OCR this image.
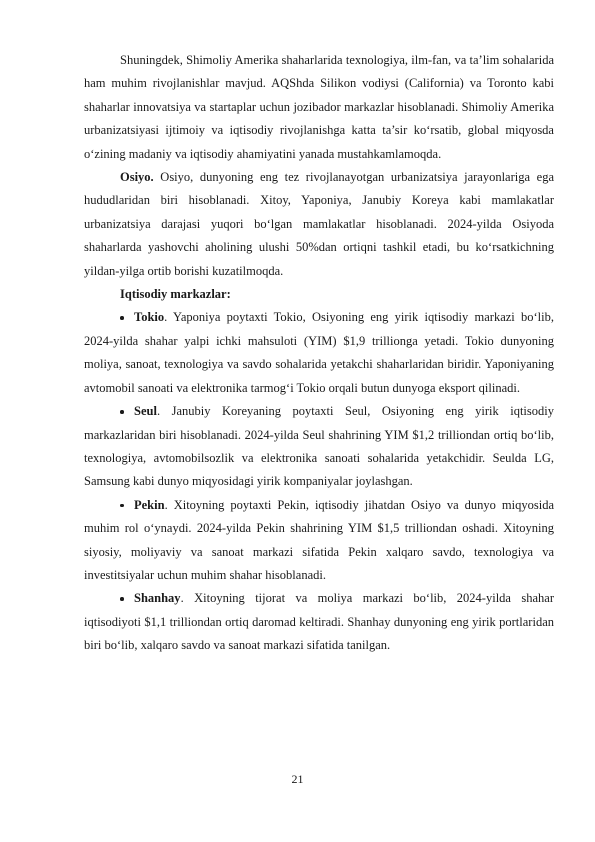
Shuningdek, Shimoliy Amerika shaharlarida texnologiya, ilm-fan, va ta’lim sohalarida ham muhim rivojlanishlar mavjud. AQShda Silikon vodiysi (California) va Toronto kabi shaharlar innovatsiya va startaplar uchun jozibador markazlar hisoblanadi. Shimoliy Amerika urbanizatsiyasi ijtimoiy va iqtisodiy rivojlanishga katta ta’sir ko‘rsatib, global miqyosda o‘zining madaniy va iqtisodiy ahamiyatini yanada mustahkamlamoqda.

Osiyo. Osiyo, dunyoning eng tez rivojlanayotgan urbanizatsiya jarayonlariga ega hududlaridan biri hisoblanadi. Xitoy, Yaponiya, Janubiy Koreya kabi mamlakatlar urbanizatsiya darajasi yuqori bo‘lgan mamlakatlar hisoblanadi. 2024-yilda Osiyoda shaharlarda yashovchi aholining ulushi 50%dan ortiqni tashkil etadi, bu ko‘rsatkichning yildan-yilga ortib borishi kuzatilmoqda.

Iqtisodiy markazlar:

Tokio. Yaponiya poytaxti Tokio, Osiyoning eng yirik iqtisodiy markazi bo‘lib, 2024-yilda shahar yalpi ichki mahsuloti (YIM) $1,9 trillionga yetadi. Tokio dunyoning moliya, sanoat, texnologiya va savdo sohalarida yetakchi shaharlaridan biridir. Yaponiyaning avtomobil sanoati va elektronika tarmog‘i Tokio orqali butun dunyoga eksport qilinadi.

Seul. Janubiy Koreyaning poytaxti Seul, Osiyoning eng yirik iqtisodiy markazlaridan biri hisoblanadi. 2024-yilda Seul shahrining YIM $1,2 trilliondan ortiq bo‘lib, texnologiya, avtomobilsozlik va elektronika sanoati sohalarida yetakchidir. Seulda LG, Samsung kabi dunyo miqyosidagi yirik kompaniyalar joylashgan.

Pekin. Xitoyning poytaxti Pekin, iqtisodiy jihatdan Osiyo va dunyo miqyosida muhim rol o‘ynaydi. 2024-yilda Pekin shahrining YIM $1,5 trilliondan oshadi. Xitoyning siyosiy, moliyaviy va sanoat markazi sifatida Pekin xalqaro savdo, texnologiya va investitsiyalar uchun muhim shahar hisoblanadi.

Shanhay. Xitoyning tijorat va moliya markazi bo‘lib, 2024-yilda shahar iqtisodiyoti $1,1 trilliondan ortiq daromad keltiradi. Shanhay dunyoning eng yirik portlaridan biri bo‘lib, xalqaro savdo va sanoat markazi sifatida tanilgan.

21
